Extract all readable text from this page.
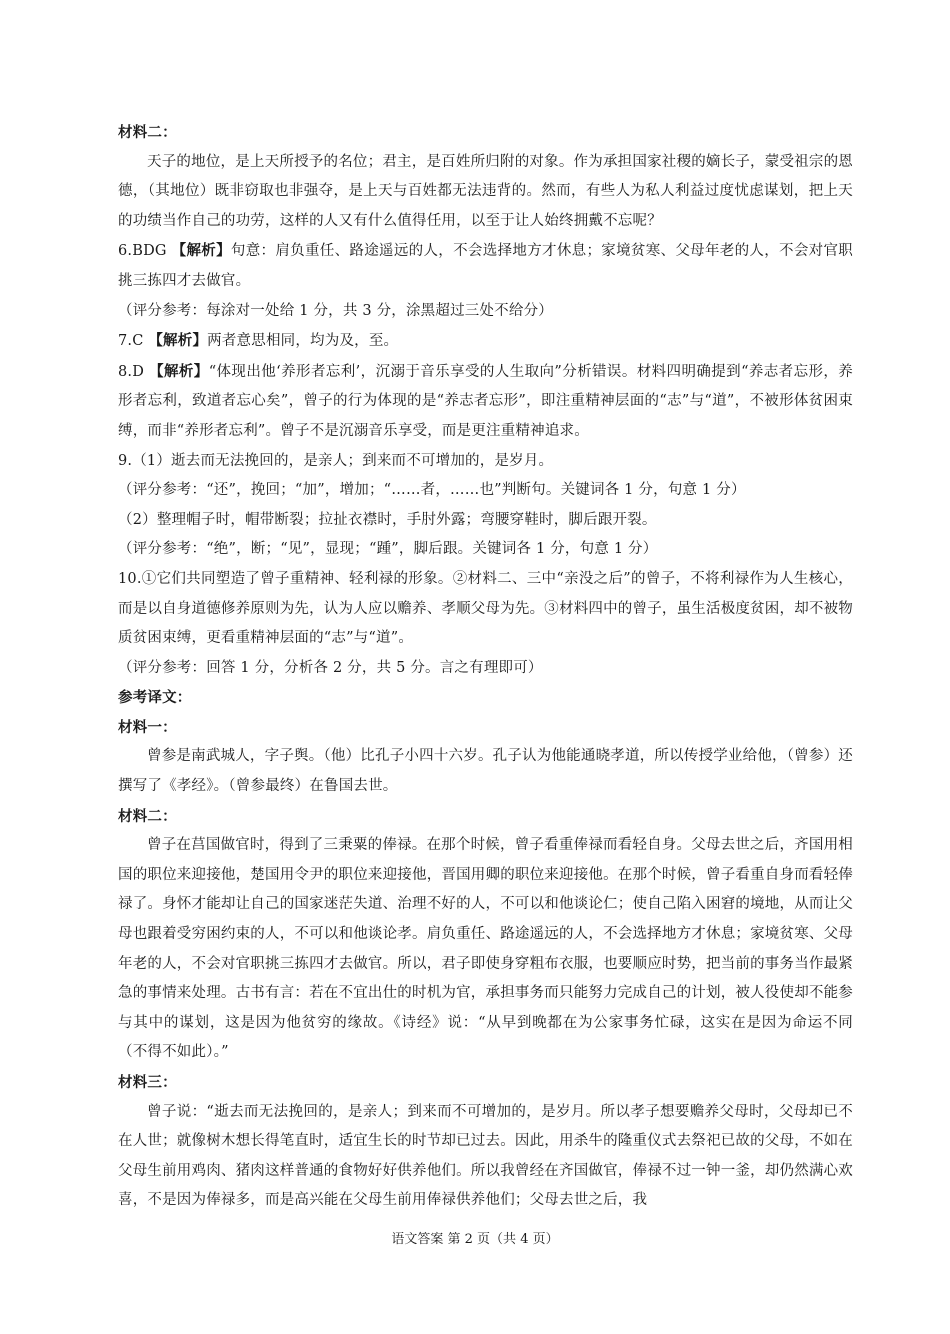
材料二：

天子的地位，是上天所授予的名位；君主，是百姓所归附的对象。作为承担国家社稷的嫡长子，蒙受祖宗的恩德，（其地位）既非窃取也非强夺，是上天与百姓都无法违背的。然而，有些人为私人利益过度忧虑谋划，把上天的功绩当作自己的功劳，这样的人又有什么值得任用，以至于让人始终拥戴不忘呢？

6.BDG 【解析】句意：肩负重任、路途遥远的人，不会选择地方才休息；家境贫寒、父母年老的人，不会对官职挑三拣四才去做官。

（评分参考：每涂对一处给 1 分，共 3 分，涂黑超过三处不给分）

7.C 【解析】两者意思相同，均为及，至。

8.D 【解析】“体现出他‘养形者忘利’，沉溺于音乐享受的人生取向”分析错误。材料四明确提到“养志者忘形，养形者忘利，致道者忘心矣”，曾子的行为体现的是“养志者忘形”，即注重精神层面的“志”与“道”，不被形体贫困束缚，而非“养形者忘利”。曾子不是沉溺音乐享受，而是更注重精神追求。

9.（1）逝去而无法挽回的，是亲人；到来而不可增加的，是岁月。

（评分参考：“还”，挽回；“加”，增加；“……者，……也”判断句。关键词各 1 分，句意 1 分）

（2）整理帽子时，帽带断裂；拉扯衣襟时，手肘外露；弯腰穿鞋时，脚后跟开裂。

（评分参考：“绝”，断；“见”，显现；“踵”，脚后跟。关键词各 1 分，句意 1 分）

10.①它们共同塑造了曾子重精神、轻利禄的形象。②材料二、三中“亲没之后”的曾子，不将利禄作为人生核心，而是以自身道德修养原则为先，认为人应以赡养、孝顺父母为先。③材料四中的曾子，虽生活极度贫困，却不被物质贫困束缚，更看重精神层面的“志”与“道”。

（评分参考：回答 1 分，分析各 2 分，共 5 分。言之有理即可）

参考译文：

材料一：

曾参是南武城人，字子舆。（他）比孔子小四十六岁。孔子认为他能通晓孝道，所以传授学业给他，（曾参）还撰写了《孝经》。（曾参最终）在鲁国去世。

材料二：

曾子在莒国做官时，得到了三秉粟的俸禄。在那个时候，曾子看重俸禄而看轻自身。父母去世之后，齐国用相国的职位来迎接他，楚国用令尹的职位来迎接他，晋国用卿的职位来迎接他。在那个时候，曾子看重自身而看轻俸禄了。身怀才能却让自己的国家迷茫失道、治理不好的人，不可以和他谈论仁；使自己陷入困窘的境地，从而让父母也跟着受穷困约束的人，不可以和他谈论孝。肩负重任、路途遥远的人，不会选择地方才休息；家境贫寒、父母年老的人，不会对官职挑三拣四才去做官。所以，君子即使身穿粗布衣服，也要顺应时势，把当前的事务当作最紧急的事情来处理。古书有言：若在不宜出仕的时机为官，承担事务而只能努力完成自己的计划，被人役使却不能参与其中的谋划，这是因为他贫穷的缘故。《诗经》说：“从早到晚都在为公家事务忙碌，这实在是因为命运不同（不得不如此）。”

材料三：

曾子说：“逝去而无法挽回的，是亲人；到来而不可增加的，是岁月。所以孝子想要赡养父母时，父母却已不在人世；就像树木想长得笔直时，适宜生长的时节却已过去。因此，用杀牛的隆重仪式去祭祀已故的父母，不如在父母生前用鸡肉、猪肉这样普通的食物好好供养他们。所以我曾经在齐国做官，俸禄不过一钟一釜，却仍然满心欢喜，不是因为俸禄多，而是高兴能在父母生前用俸禄供养他们；父母去世之后，我

语文答案 第 2 页（共 4 页）
